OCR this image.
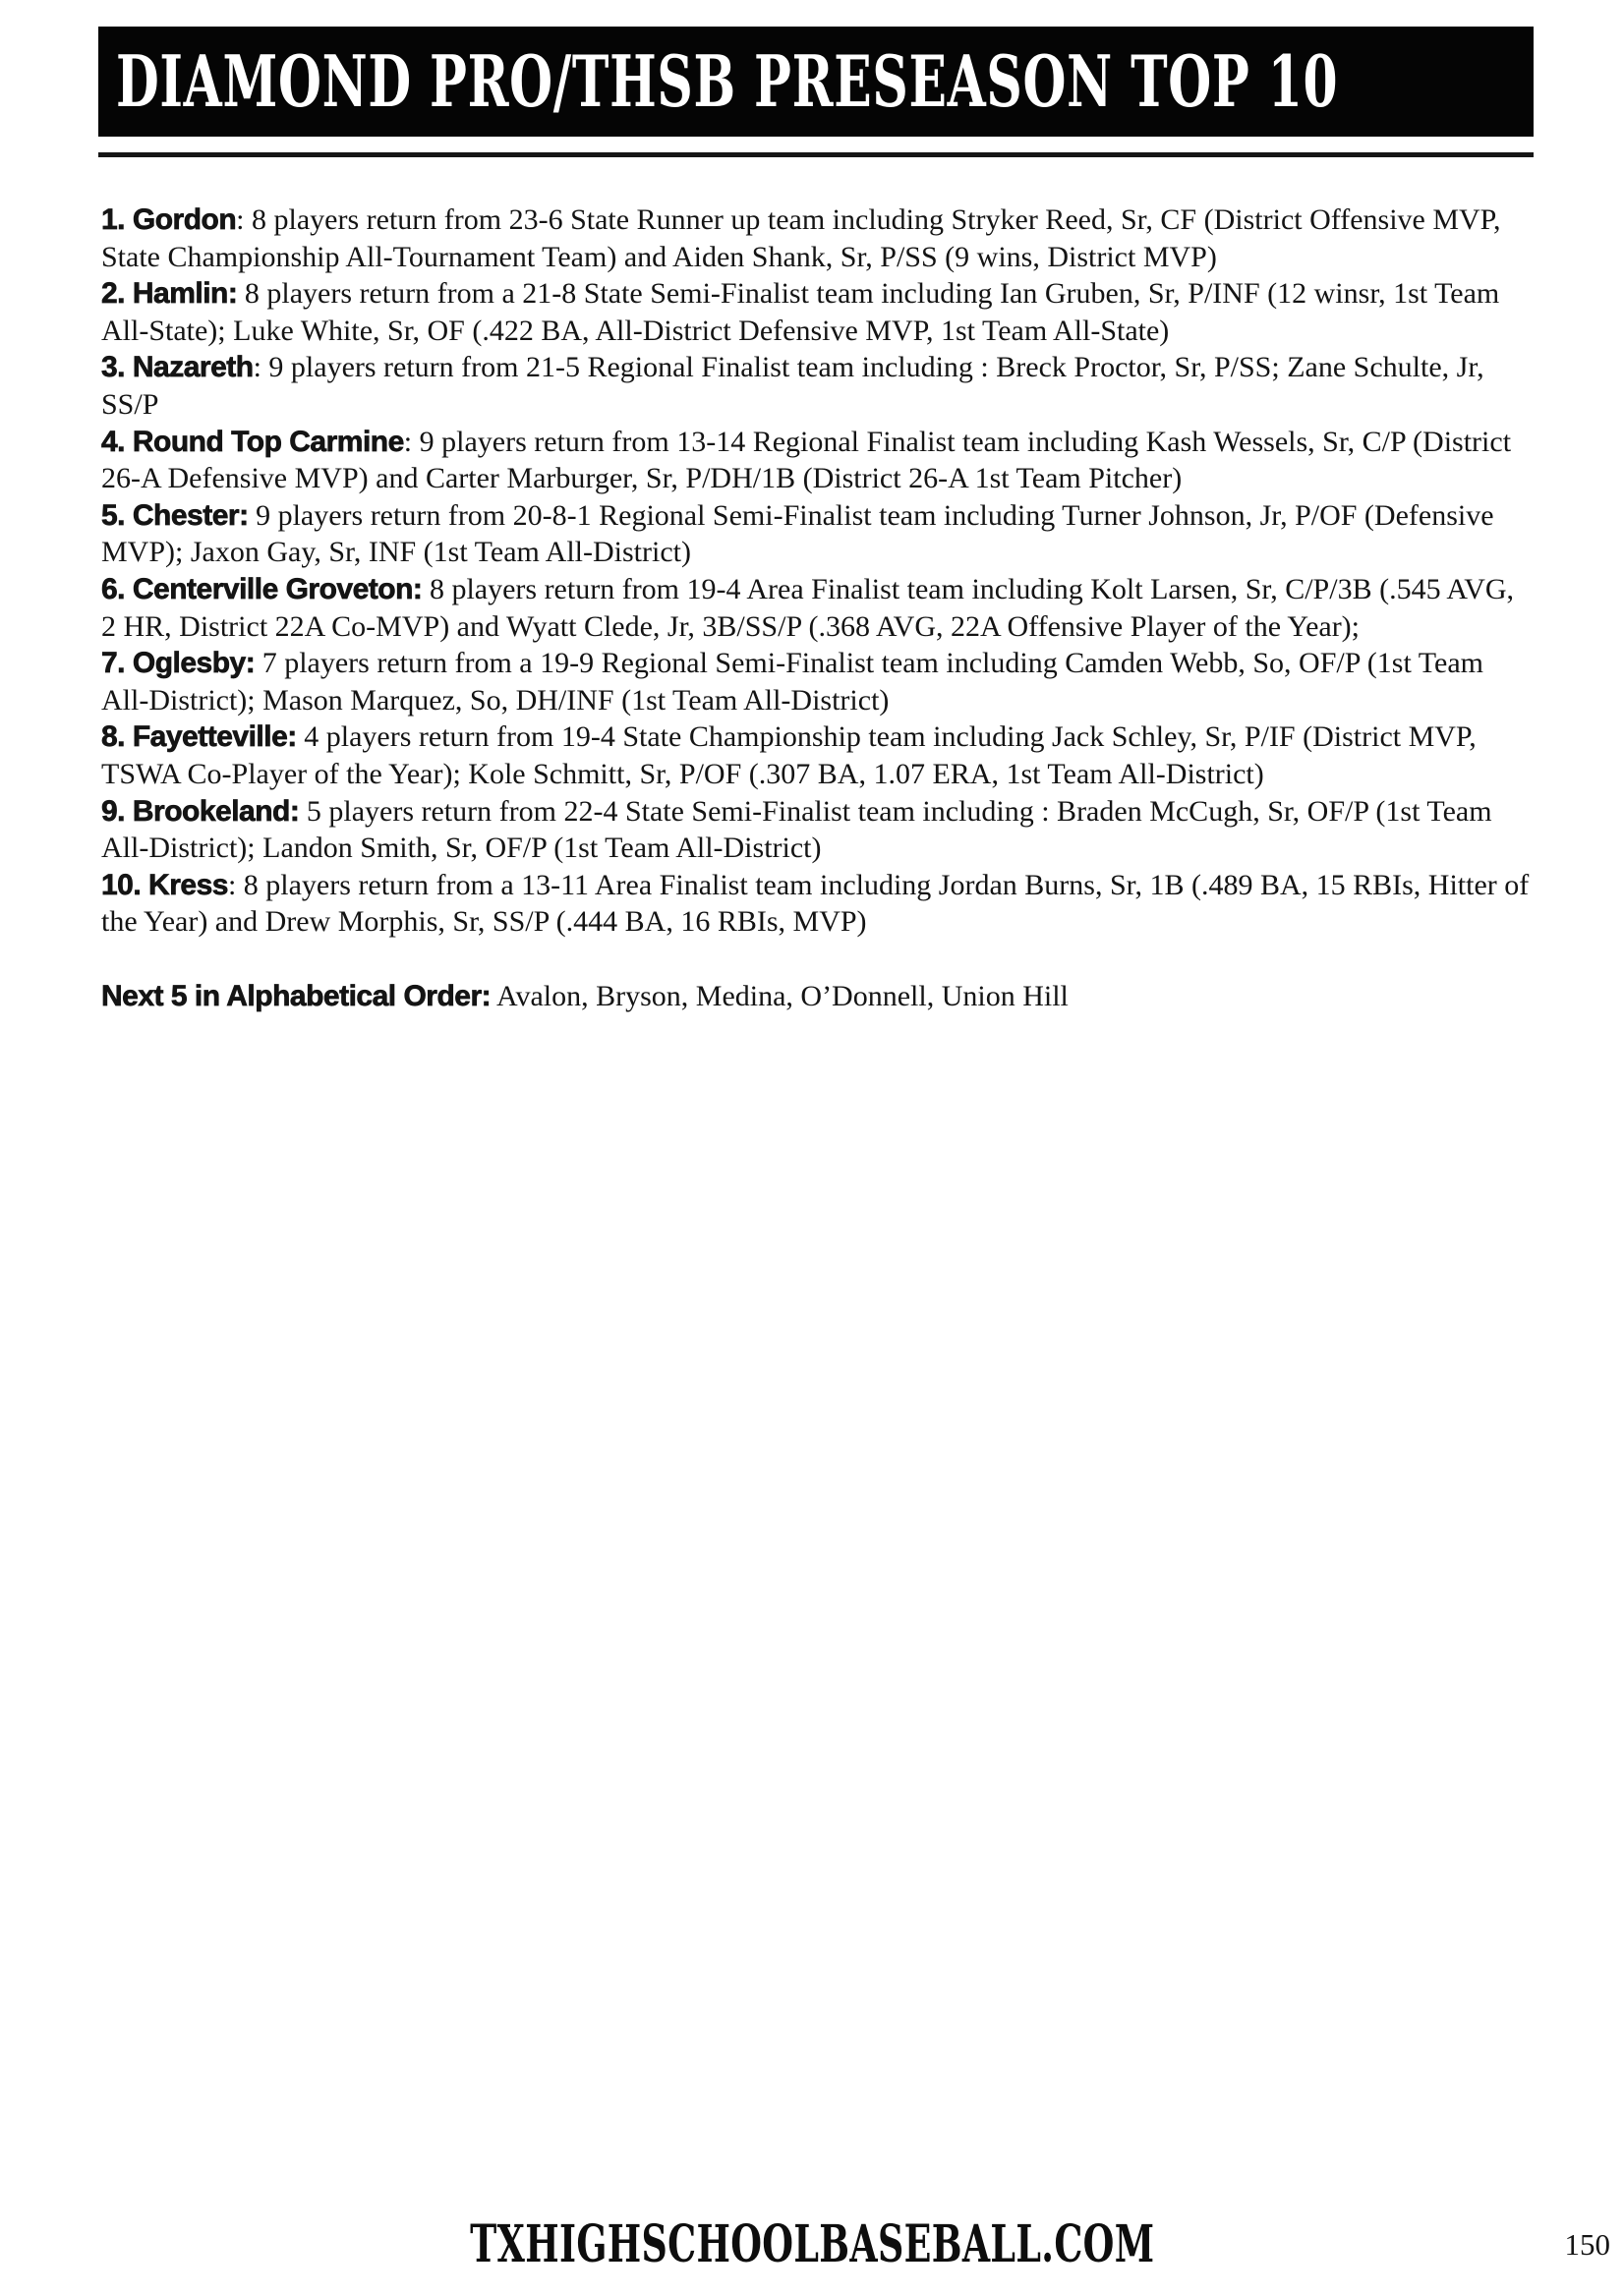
DIAMOND PRO/THSB PRESEASON TOP 10

1. Gordon: 8 players return from 23-6 State Runner up team including Stryker Reed, Sr, CF (District Offensive MVP, State Championship All-Tournament Team) and Aiden Shank, Sr, P/SS (9 wins, District MVP)

2. Hamlin: 8 players return from a 21-8 State Semi-Finalist team including Ian Gruben, Sr, P/INF (12 winsr, 1st Team All-State); Luke White, Sr, OF (.422 BA, All-District Defensive MVP, 1st Team All-State)

3. Nazareth: 9 players return from 21-5 Regional Finalist team including : Breck Proctor, Sr, P/SS; Zane Schulte, Jr, SS/P

4. Round Top Carmine: 9 players return from 13-14 Regional Finalist team including Kash Wessels, Sr, C/P (District 26-A Defensive MVP) and Carter Marburger, Sr, P/DH/1B (District 26-A 1st Team Pitcher)

5. Chester: 9 players return from 20-8-1 Regional Semi-Finalist team including Turner Johnson, Jr, P/OF (Defensive MVP); Jaxon Gay, Sr, INF (1st Team All-District)

6. Centerville Groveton: 8 players return from 19-4 Area Finalist team including Kolt Larsen, Sr, C/P/3B (.545 AVG, 2 HR, District 22A Co-MVP) and Wyatt Clede, Jr, 3B/SS/P (.368 AVG, 22A Offensive Player of the Year);

7. Oglesby: 7 players return from a 19-9 Regional Semi-Finalist team including Camden Webb, So, OF/P (1st Team All-District); Mason Marquez, So, DH/INF (1st Team All-District)

8. Fayetteville: 4 players return from 19-4 State Championship team including Jack Schley, Sr, P/IF (District MVP, TSWA Co-Player of the Year); Kole Schmitt, Sr, P/OF (.307 BA, 1.07 ERA, 1st Team All-District)

9. Brookeland: 5 players return from 22-4 State Semi-Finalist team including : Braden McCugh, Sr, OF/P (1st Team All-District); Landon Smith, Sr, OF/P (1st Team All-District)

10. Kress: 8 players return from a 13-11 Area Finalist team including Jordan Burns, Sr, 1B (.489 BA, 15 RBIs, Hitter of the Year) and Drew Morphis, Sr, SS/P (.444 BA, 16 RBIs, MVP)

Next 5 in Alphabetical Order: Avalon, Bryson, Medina, O’Donnell, Union Hill

TXHIGHSCHOOLBASEBALL.COM	150
